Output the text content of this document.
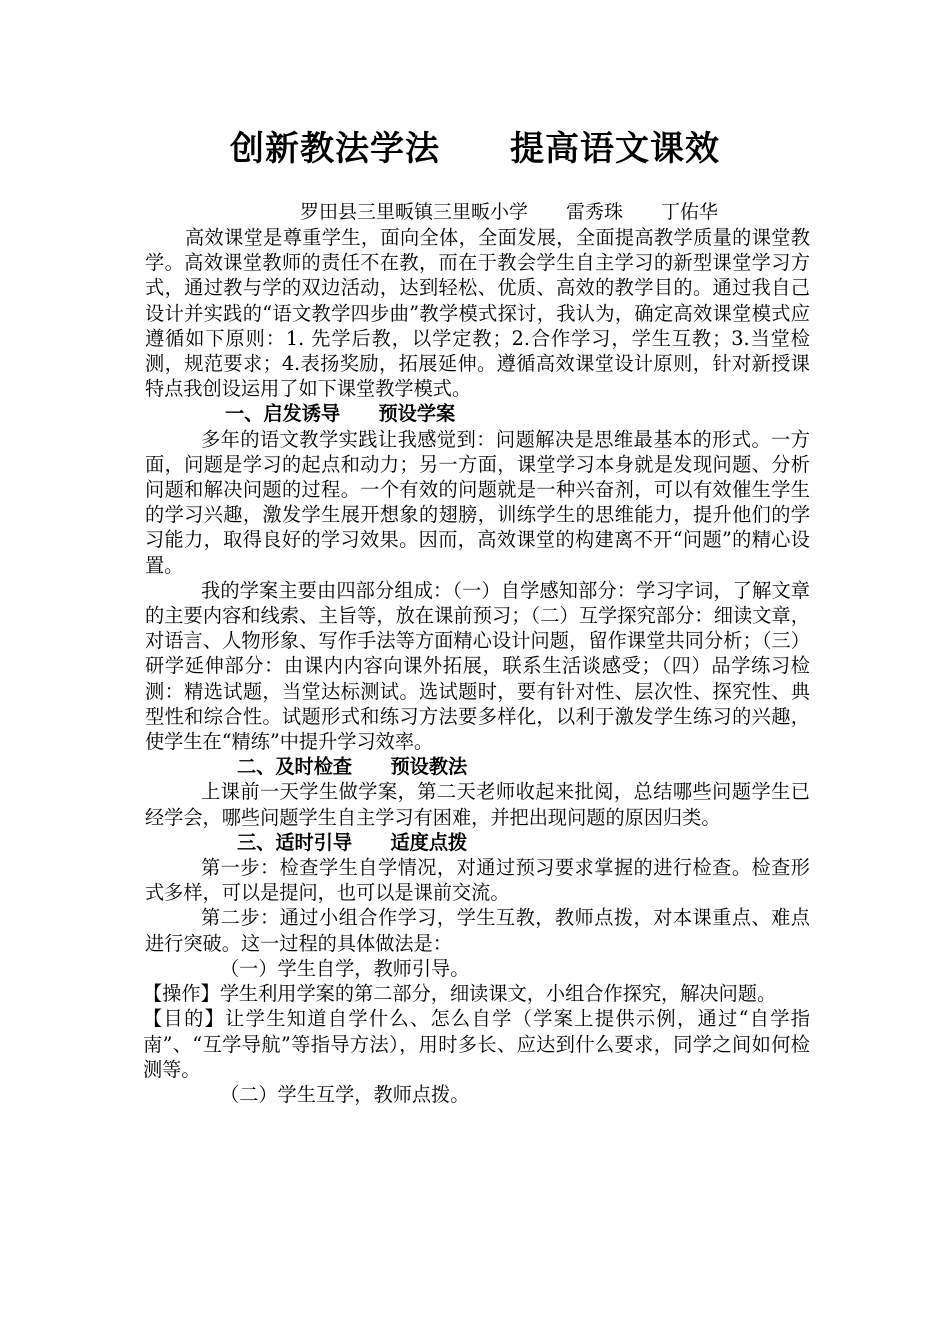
创新教法学法　　提高语文课效
罗田县三里畈镇三里畈小学　　雷秀珠　　丁佑华

高效课堂是尊重学生，面向全体，全面发展，全面提高教学质量的课堂教学。高效课堂教师的责任不在教，而在于教会学生自主学习的新型课堂学习方式，通过教与学的双边活动，达到轻松、优质、高效的教学目的。通过我自己设计并实践的“语文教学四步曲”教学模式探讨，我认为，确定高效课堂模式应遵循如下原则：1. 先学后教，以学定教；2.合作学习，学生互教；3.当堂检测，规范要求；4.表扬奖励，拓展延伸。遵循高效课堂设计原则，针对新授课特点我创设运用了如下课堂教学模式。

一、启发诱导　　预设学案

多年的语文教学实践让我感觉到：问题解决是思维最基本的形式。一方面，问题是学习的起点和动力；另一方面，课堂学习本身就是发现问题、分析问题和解决问题的过程。一个有效的问题就是一种兴奋剂，可以有效催生学生的学习兴趣，激发学生展开想象的翅膀，训练学生的思维能力，提升他们的学习能力，取得良好的学习效果。因而，高效课堂的构建离不开“问题”的精心设置。

我的学案主要由四部分组成：（一）自学感知部分：学习字词，了解文章的主要内容和线索、主旨等，放在课前预习；（二）互学探究部分：细读文章，对语言、人物形象、写作手法等方面精心设计问题，留作课堂共同分析；（三）研学延伸部分：由课内内容向课外拓展，联系生活谈感受；（四）品学练习检测：精选试题，当堂达标测试。选试题时，要有针对性、层次性、探究性、典型性和综合性。试题形式和练习方法要多样化，以利于激发学生练习的兴趣，使学生在“精练”中提升学习效率。

二、及时检查　　预设教法

上课前一天学生做学案，第二天老师收起来批阅，总结哪些问题学生已经学会，哪些问题学生自主学习有困难，并把出现问题的原因归类。

三、适时引导　　适度点拨

第一步：检查学生自学情况，对通过预习要求掌握的进行检查。检查形式多样，可以是提问，也可以是课前交流。

第二步：通过小组合作学习，学生互教，教师点拨，对本课重点、难点进行突破。这一过程的具体做法是：

（一）学生自学，教师引导。

【操作】学生利用学案的第二部分，细读课文，小组合作探究，解决问题。

【目的】让学生知道自学什么、怎么自学（学案上提供示例，通过“自学指南”、“互学导航”等指导方法），用时多长、应达到什么要求，同学之间如何检测等。

（二）学生互学，教师点拨。
